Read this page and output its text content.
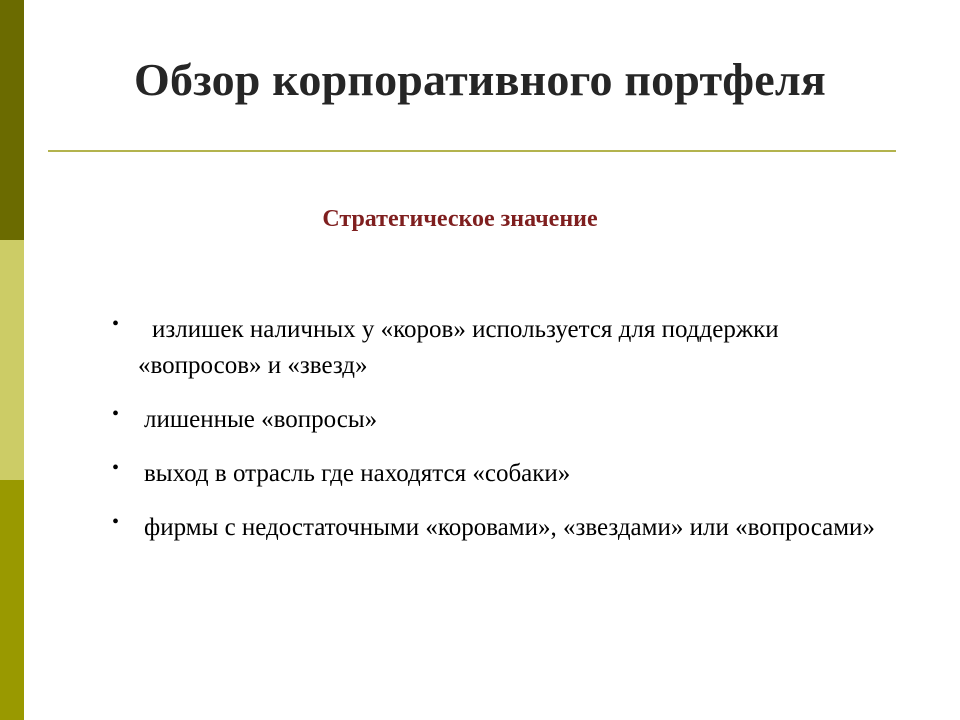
Обзор корпоративного портфеля
Стратегическое значение
•	излишек наличных у «коров» используется для поддержки «вопросов» и «звезд»
• лишенные «вопросы»
• выход в отрасль где находятся «собаки»
• фирмы с недостаточными «коровами», «звездами» или «вопросами»
